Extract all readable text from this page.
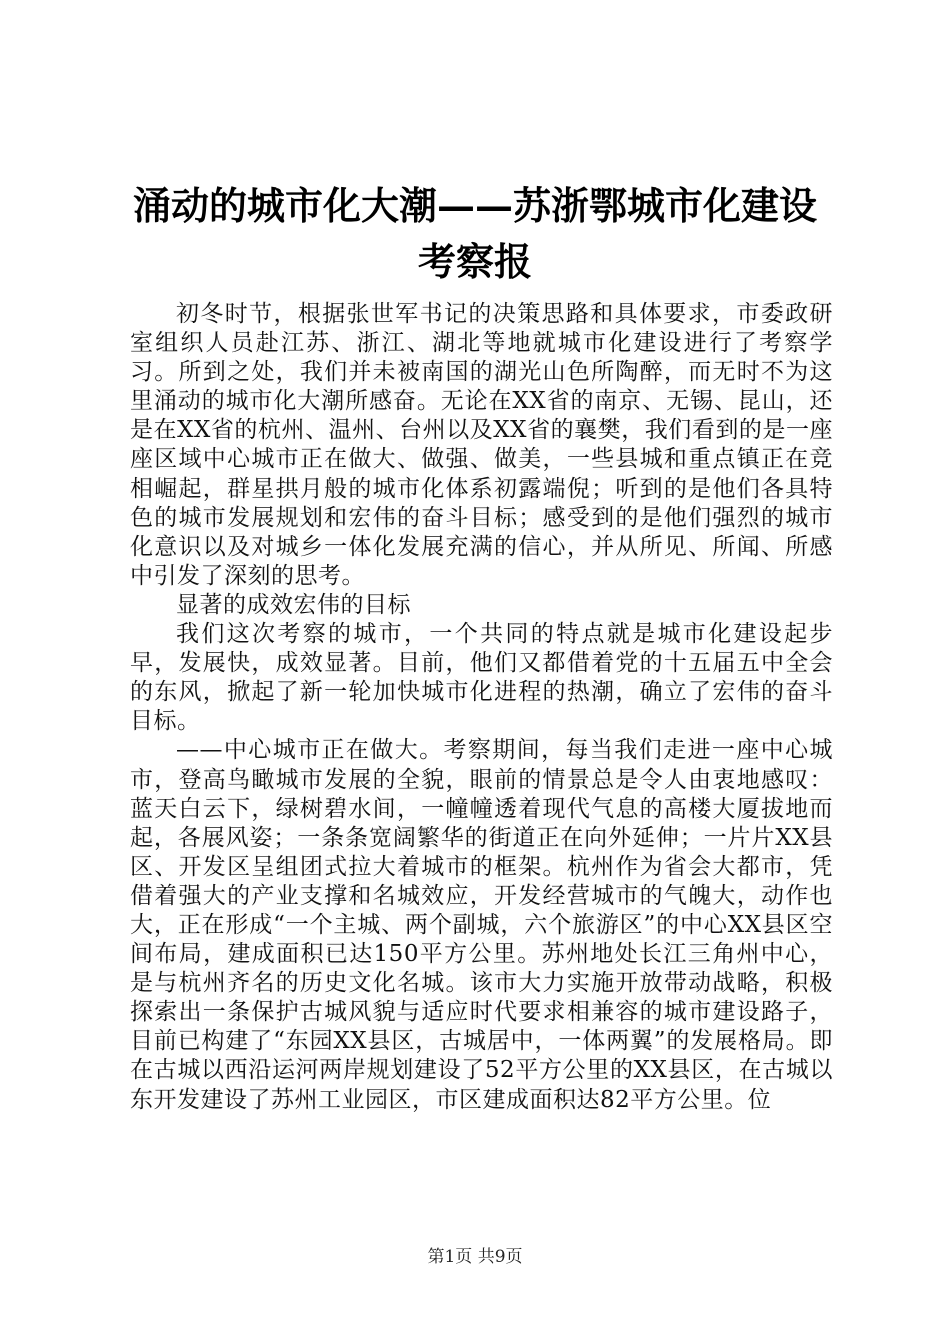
涌动的城市化大潮——苏浙鄂城市化建设考察报

初冬时节，根据张世军书记的决策思路和具体要求，市委政研室组织人员赴江苏、浙江、湖北等地就城市化建设进行了考察学习。所到之处，我们并未被南国的湖光山色所陶醉，而无时不为这里涌动的城市化大潮所感奋。无论在XX省的南京、无锡、昆山，还是在XX省的杭州、温州、台州以及XX省的襄樊，我们看到的是一座座区域中心城市正在做大、做强、做美，一些县城和重点镇正在竞相崛起，群星拱月般的城市化体系初露端倪；听到的是他们各具特色的城市发展规划和宏伟的奋斗目标；感受到的是他们强烈的城市化意识以及对城乡一体化发展充满的信心，并从所见、所闻、所感中引发了深刻的思考。

显著的成效宏伟的目标

我们这次考察的城市，一个共同的特点就是城市化建设起步早，发展快，成效显著。目前，他们又都借着党的十五届五中全会的东风，掀起了新一轮加快城市化进程的热潮，确立了宏伟的奋斗目标。

——中心城市正在做大。考察期间，每当我们走进一座中心城市，登高鸟瞰城市发展的全貌，眼前的情景总是令人由衷地感叹：蓝天白云下，绿树碧水间，一幢幢透着现代气息的高楼大厦拔地而起，各展风姿；一条条宽阔繁华的街道正在向外延伸；一片片XX县区、开发区呈组团式拉大着城市的框架。杭州作为省会大都市，凭借着强大的产业支撑和名城效应，开发经营城市的气魄大，动作也大，正在形成“一个主城、两个副城，六个旅游区”的中心XX县区空间布局，建成面积已达150平方公里。苏州地处长江三角州中心，是与杭州齐名的历史文化名城。该市大力实施开放带动战略，积极探索出一条保护古城风貌与适应时代要求相兼容的城市建设路子，目前已构建了“东园XX县区，古城居中，一体两翼”的发展格局。即在古城以西沿运河两岸规划建设了52平方公里的XX县区，在古城以东开发建设了苏州工业园区，市区建成面积达82平方公里。位

第1页 共9页
